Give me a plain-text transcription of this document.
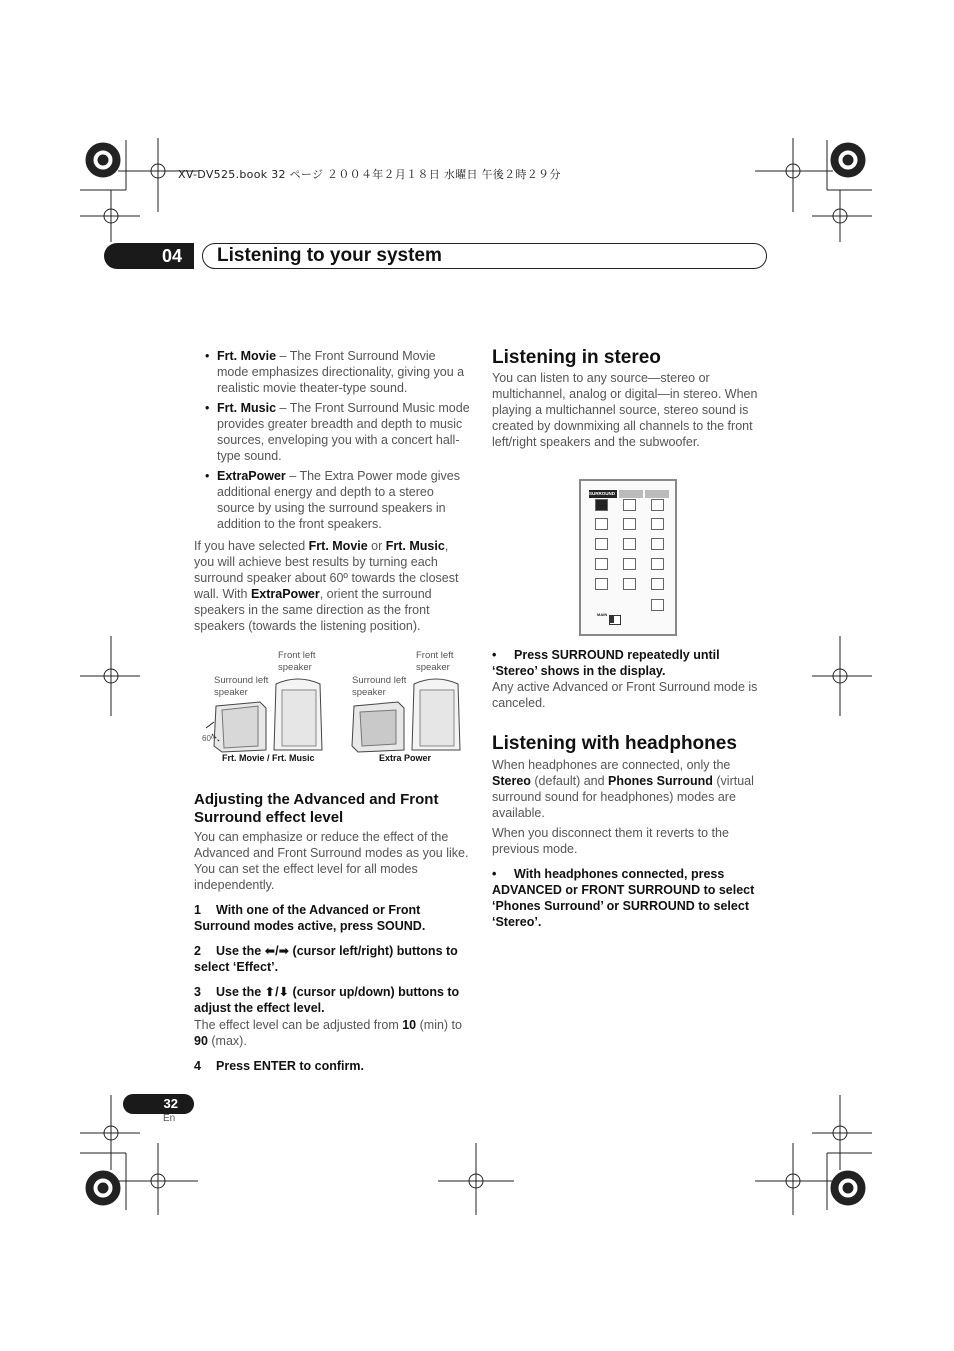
XV-DV525.book 32 ページ ２００４年２月１８日 水曜日 午後２時２９分
04	Listening to your system
• Frt. Movie – The Front Surround Movie mode emphasizes directionality, giving you a realistic movie theater-type sound.
• Frt. Music – The Front Surround Music mode provides greater breadth and depth to music sources, enveloping you with a concert hall-type sound.
• ExtraPower – The Extra Power mode gives additional energy and depth to a stereo source by using the surround speakers in addition to the front speakers.

If you have selected Frt. Movie or Frt. Music, you will achieve best results by turning each surround speaker about 60º towards the closest wall. With ExtraPower, orient the surround speakers in the same direction as the front speakers (towards the listening position).

Front left speaker
Surround left speaker
Front left speaker
Surround left speaker
60º
Frt. Movie / Frt. Music	Extra Power
Adjusting the Advanced and Front Surround effect level

You can emphasize or reduce the effect of the Advanced and Front Surround modes as you like. You can set the effect level for all modes independently.

1 With one of the Advanced or Front Surround modes active, press SOUND.

2 Use the ⬅/➡ (cursor left/right) buttons to select ‘Effect’.

3 Use the ⬆/⬇ (cursor up/down) buttons to adjust the effect level.

The effect level can be adjusted from 10 (min) to 90 (max).

4 Press ENTER to confirm.

Listening in stereo

You can listen to any source—stereo or multichannel, analog or digital—in stereo. When playing a multichannel source, stereo sound is created by downmixing all channels to the front left/right speakers and the subwoofer.

SURROUND
MAIN

• Press SURROUND repeatedly until ‘Stereo’ shows in the display.

Any active Advanced or Front Surround mode is canceled.

Listening with headphones

When headphones are connected, only the Stereo (default) and Phones Surround (virtual surround sound for headphones) modes are available.

When you disconnect them it reverts to the previous mode.

• With headphones connected, press ADVANCED or FRONT SURROUND to select ‘Phones Surround’ or SURROUND to select ‘Stereo’.

32
En
